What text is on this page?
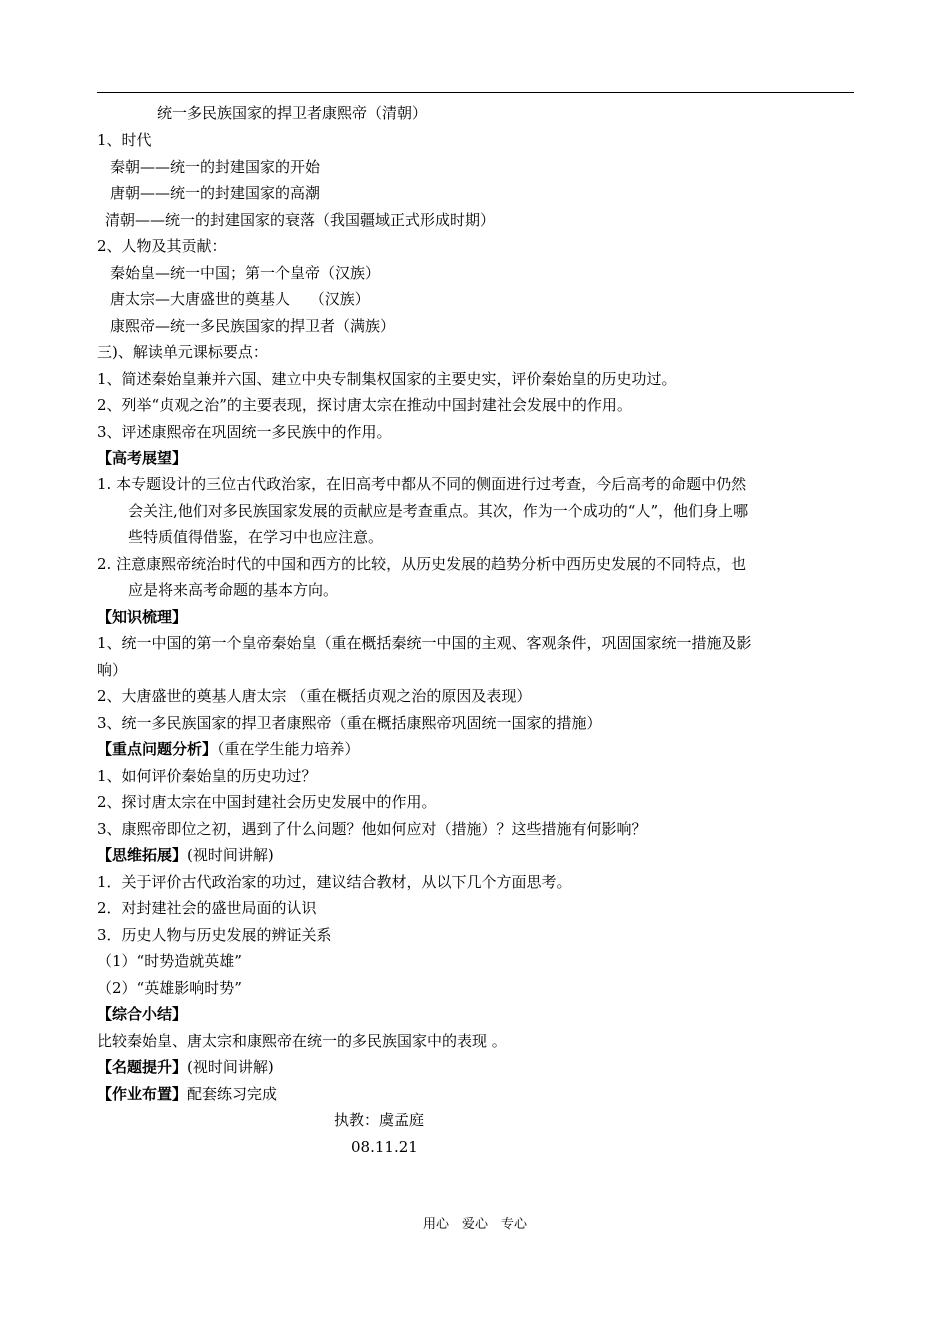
统一多民族国家的捍卫者康熙帝（清朝）
1、时代
秦朝——统一的封建国家的开始
唐朝——统一的封建国家的高潮
清朝——统一的封建国家的衰落（我国疆域正式形成时期）
2、人物及其贡献：
秦始皇—统一中国；第一个皇帝（汉族）
唐太宗—大唐盛世的奠基人　 （汉族）
康熙帝—统一多民族国家的捍卫者（满族）
三)、解读单元课标要点：
1、简述秦始皇兼并六国、建立中央专制集权国家的主要史实，评价秦始皇的历史功过。
2、列举“贞观之治”的主要表现，探讨唐太宗在推动中国封建社会发展中的作用。
3、评述康熙帝在巩固统一多民族中的作用。
【高考展望】
1. 本专题设计的三位古代政治家，在旧高考中都从不同的侧面进行过考查，今后高考的命题中仍然
会关注,他们对多民族国家发展的贡献应是考查重点。其次，作为一个成功的“人”，他们身上哪
些特质值得借鉴，在学习中也应注意。
2. 注意康熙帝统治时代的中国和西方的比较，从历史发展的趋势分析中西历史发展的不同特点，也
应是将来高考命题的基本方向。
【知识梳理】
1、统一中国的第一个皇帝秦始皇（重在概括秦统一中国的主观、客观条件，巩固国家统一措施及影
响）
2、大唐盛世的奠基人唐太宗 （重在概括贞观之治的原因及表现）
3、统一多民族国家的捍卫者康熙帝（重在概括康熙帝巩固统一国家的措施）
【重点问题分析】（重在学生能力培养）
1、如何评价秦始皇的历史功过？
2、探讨唐太宗在中国封建社会历史发展中的作用。
3、康熙帝即位之初，遇到了什么问题？他如何应对（措施）？这些措施有何影响？
【思维拓展】(视时间讲解)
1．关于评价古代政治家的功过，建议结合教材，从以下几个方面思考。
2．对封建社会的盛世局面的认识
3．历史人物与历史发展的辨证关系
（1）“时势造就英雄”
（2）“英雄影响时势”
【综合小结】
比较秦始皇、唐太宗和康熙帝在统一的多民族国家中的表现 。
【名题提升】(视时间讲解)
【作业布置】配套练习完成
执教：虞孟庭
08.11.21
用心　爱心　专心
